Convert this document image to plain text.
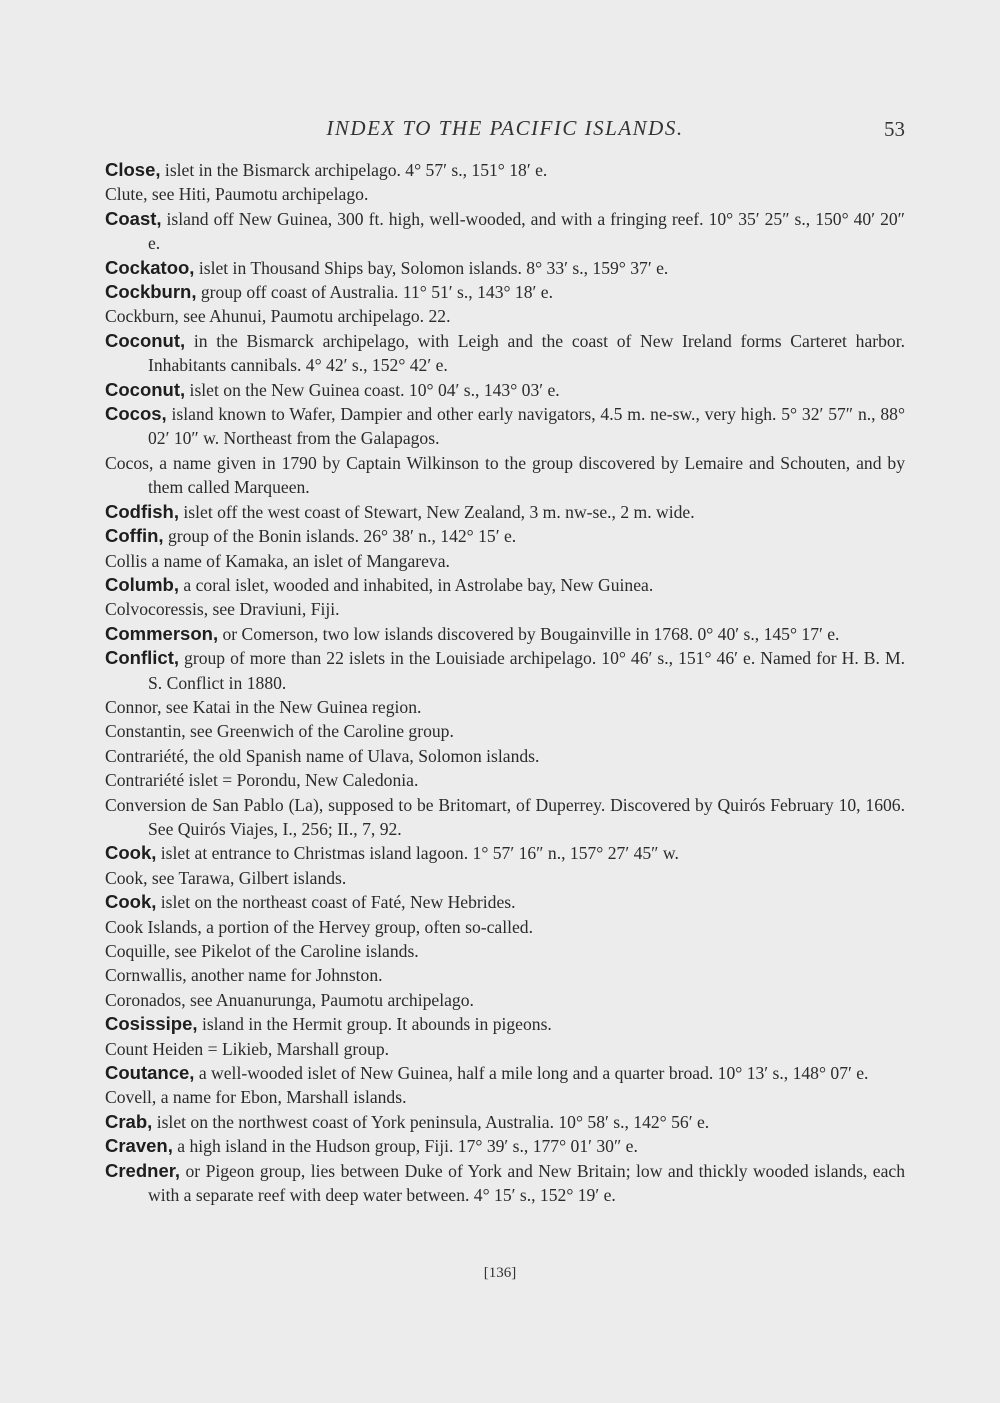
INDEX TO THE PACIFIC ISLANDS.	53
Close, islet in the Bismarck archipelago. 4° 57′ s., 151° 18′ e.
Clute, see Hiti, Paumotu archipelago.
Coast, island off New Guinea, 300 ft. high, well-wooded, and with a fringing reef. 10° 35′ 25″ s., 150° 40′ 20″ e.
Cockatoo, islet in Thousand Ships bay, Solomon islands. 8° 33′ s., 159° 37′ e.
Cockburn, group off coast of Australia. 11° 51′ s., 143° 18′ e.
Cockburn, see Ahunui, Paumotu archipelago. 22.
Coconut, in the Bismarck archipelago, with Leigh and the coast of New Ireland forms Carteret harbor. Inhabitants cannibals. 4° 42′ s., 152° 42′ e.
Coconut, islet on the New Guinea coast. 10° 04′ s., 143° 03′ e.
Cocos, island known to Wafer, Dampier and other early navigators, 4.5 m. ne-sw., very high. 5° 32′ 57″ n., 88° 02′ 10″ w. Northeast from the Galapagos.
Cocos, a name given in 1790 by Captain Wilkinson to the group discovered by Lemaire and Schouten, and by them called Marqueen.
Codfish, islet off the west coast of Stewart, New Zealand, 3 m. nw-se., 2 m. wide.
Coffin, group of the Bonin islands. 26° 38′ n., 142° 15′ e.
Collis a name of Kamaka, an islet of Mangareva.
Columb, a coral islet, wooded and inhabited, in Astrolabe bay, New Guinea.
Colvocoressis, see Draviuni, Fiji.
Commerson, or Comerson, two low islands discovered by Bougainville in 1768. 0° 40′ s., 145° 17′ e.
Conflict, group of more than 22 islets in the Louisiade archipelago. 10° 46′ s., 151° 46′ e. Named for H. B. M. S. Conflict in 1880.
Connor, see Katai in the New Guinea region.
Constantin, see Greenwich of the Caroline group.
Contrariété, the old Spanish name of Ulava, Solomon islands.
Contrariété islet = Porondu, New Caledonia.
Conversion de San Pablo (La), supposed to be Britomart, of Duperrey. Discovered by Quirós February 10, 1606. See Quirós Viajes, I., 256; II., 7, 92.
Cook, islet at entrance to Christmas island lagoon. 1° 57′ 16″ n., 157° 27′ 45″ w.
Cook, see Tarawa, Gilbert islands.
Cook, islet on the northeast coast of Faté, New Hebrides.
Cook Islands, a portion of the Hervey group, often so-called.
Coquille, see Pikelot of the Caroline islands.
Cornwallis, another name for Johnston.
Coronados, see Anuanurunga, Paumotu archipelago.
Cosissipe, island in the Hermit group. It abounds in pigeons.
Count Heiden = Likieb, Marshall group.
Coutance, a well-wooded islet of New Guinea, half a mile long and a quarter broad. 10° 13′ s., 148° 07′ e.
Covell, a name for Ebon, Marshall islands.
Crab, islet on the northwest coast of York peninsula, Australia. 10° 58′ s., 142° 56′ e.
Craven, a high island in the Hudson group, Fiji. 17° 39′ s., 177° 01′ 30″ e.
Credner, or Pigeon group, lies between Duke of York and New Britain; low and thickly wooded islands, each with a separate reef with deep water between. 4° 15′ s., 152° 19′ e.
[136]
